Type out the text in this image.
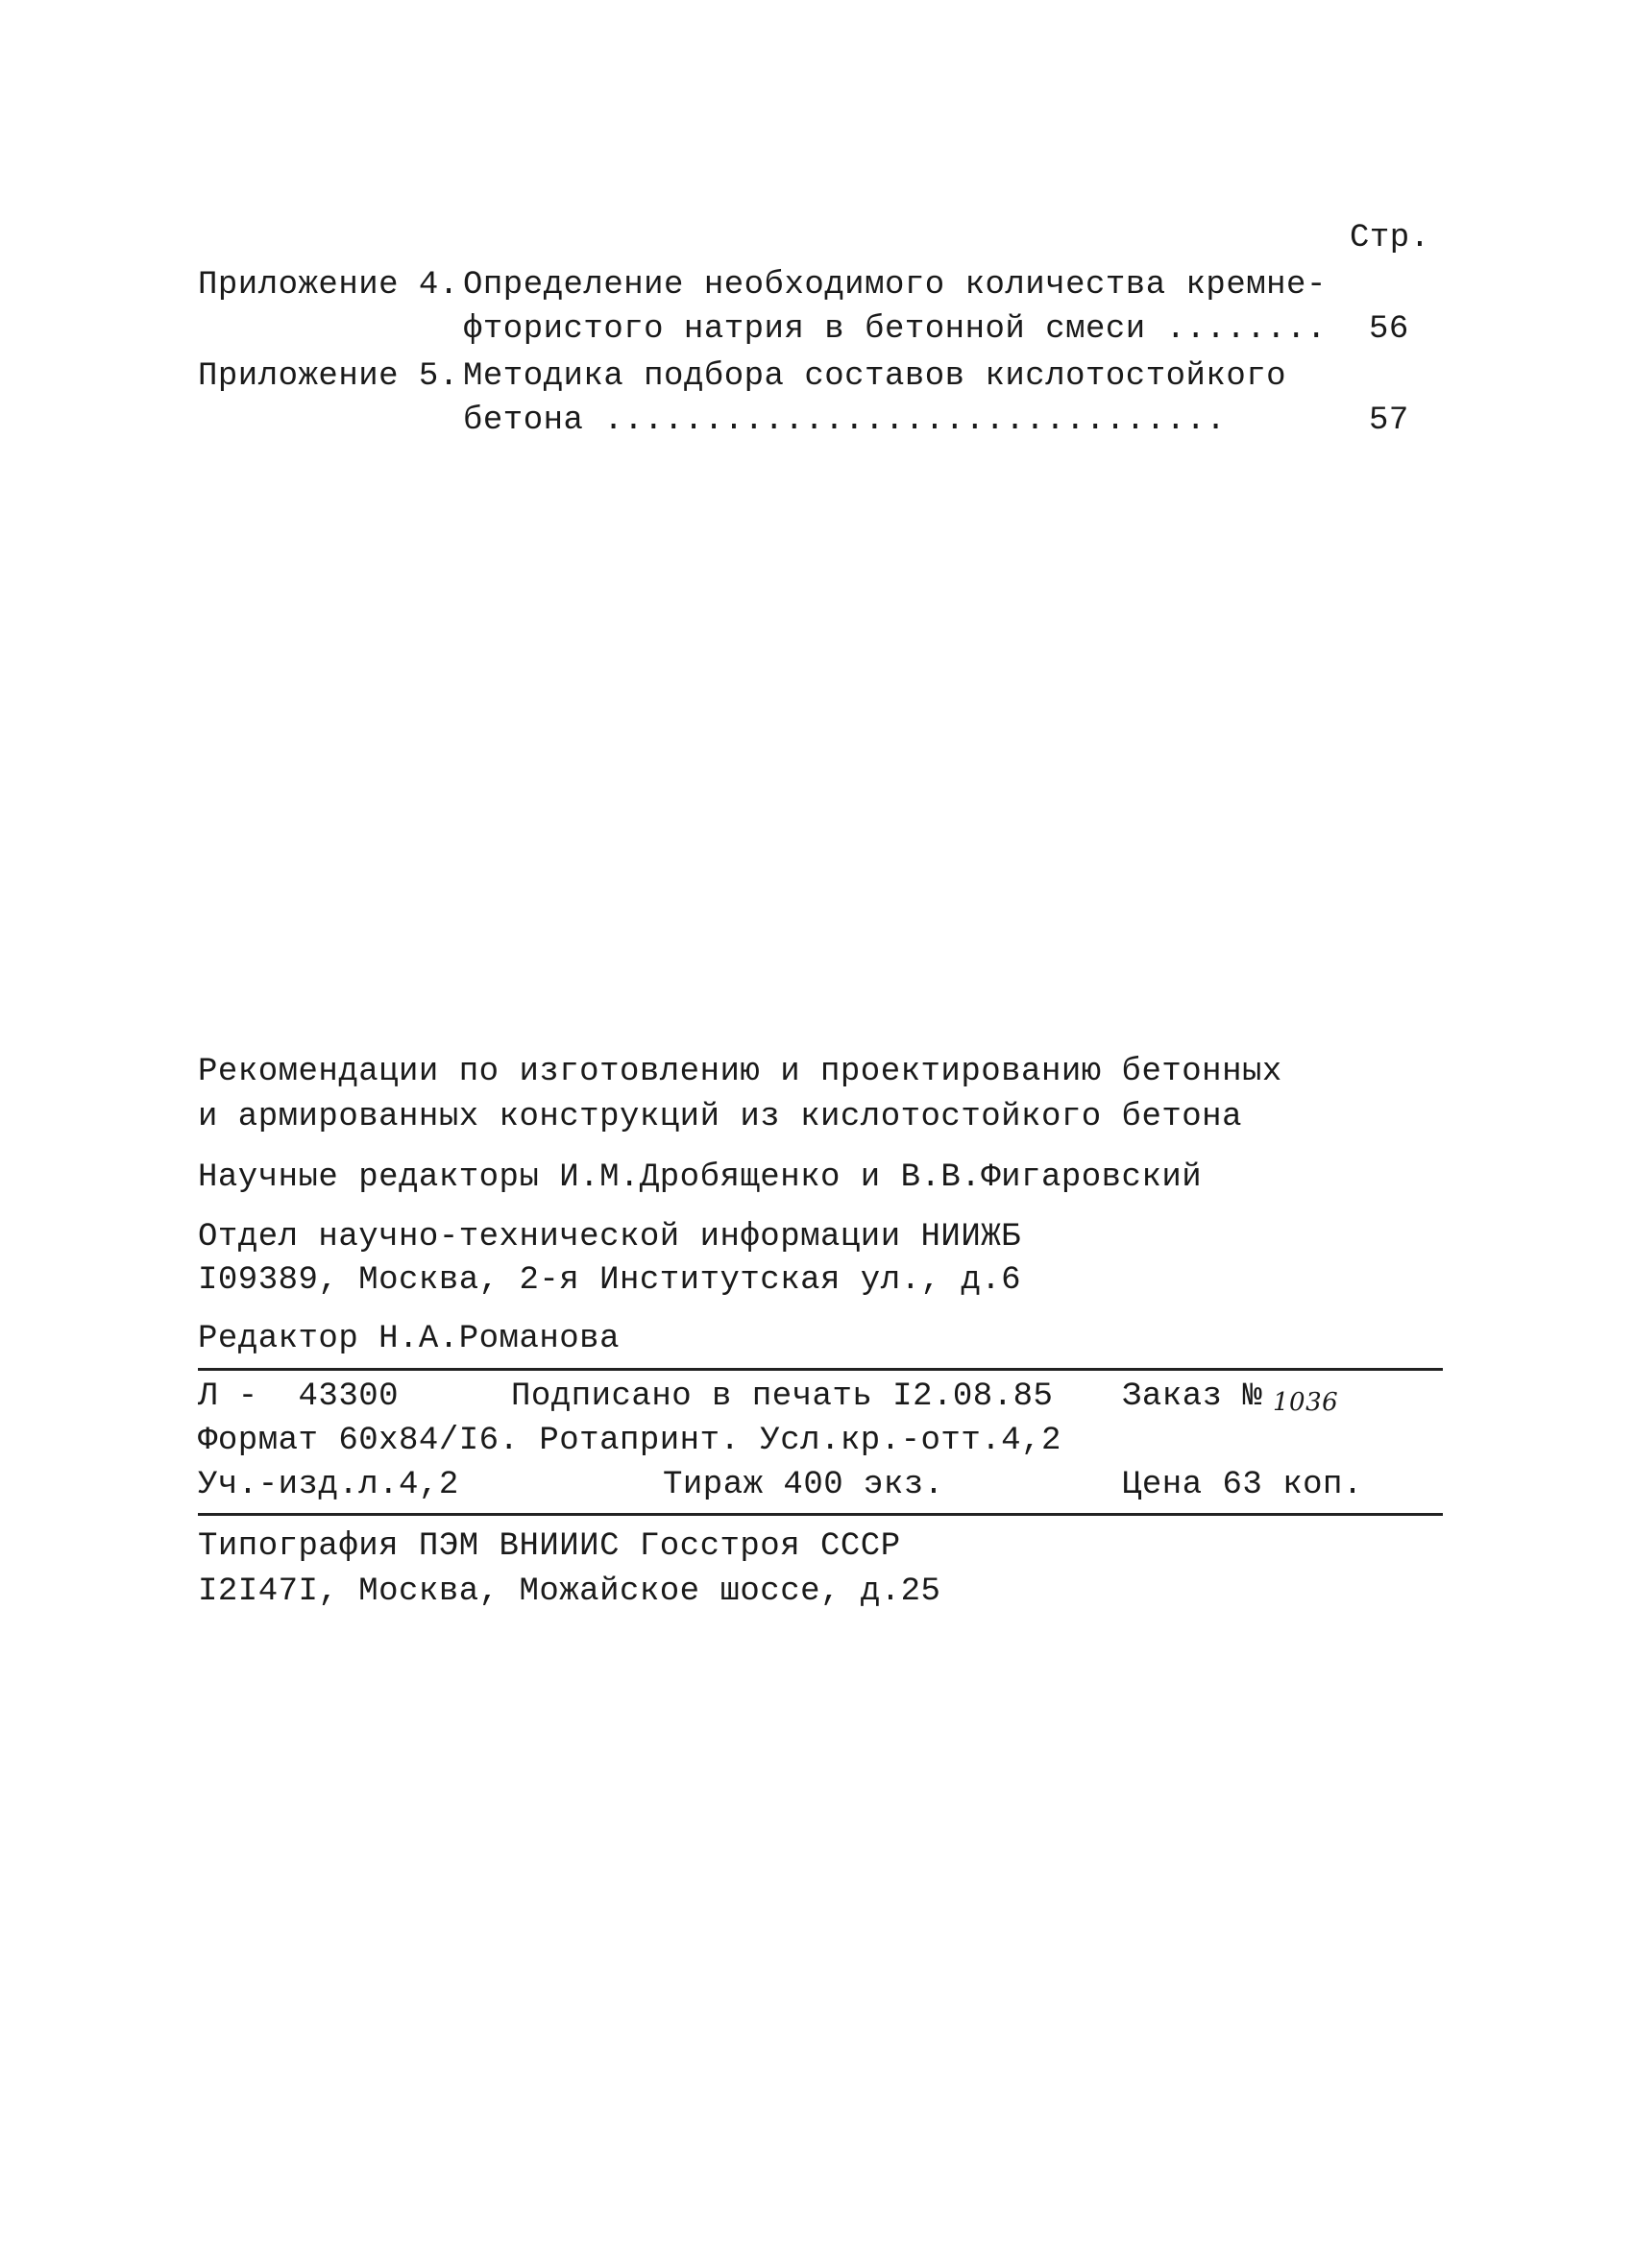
Стр.
Приложение 4. Определение необходимого количества кремне-
фтористого натрия в бетонной смеси ........ 56
Приложение 5. Методика подбора составов кислотостойкого
бетона ...............................	57
Рекомендации по изготовлению и проектированию бетонных
и армированных конструкций из кислотостойкого бетона
Научные редакторы И.М.Дробященко и В.В.Фигаровский
Отдел научно-технической информации НИИЖБ
I09389, Москва, 2-я Институтская ул., д.6
Редактор Н.А.Романова
Л -  43300	Подписано в печать I2.08.85 Заказ № 1036
Формат 60х84/I6. Ротапринт. Усл.кр.-отт.4,2
Уч.-изд.л.4,2	Тираж 400 экз.	Цена 63 коп.
Типография ПЭМ ВНИИИС Госстроя СССР
I2I47I, Москва, Можайское шоссе, д.25
